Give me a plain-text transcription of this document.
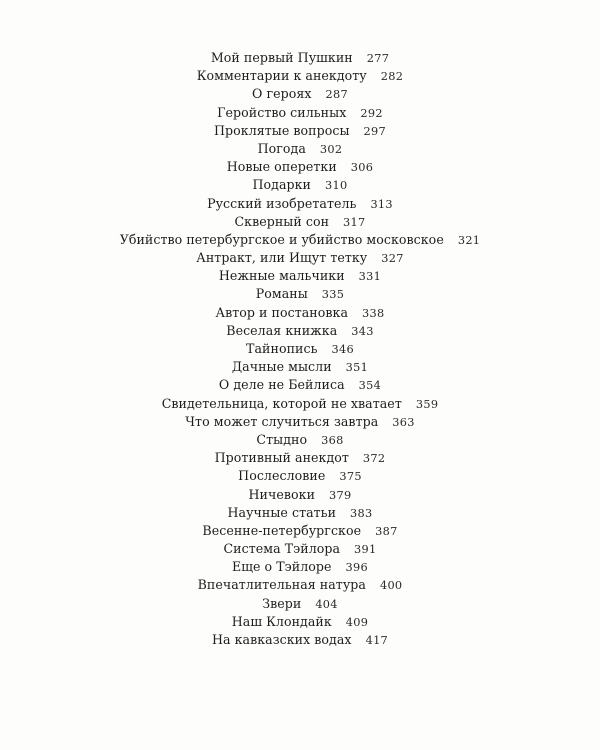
Мой первый Пушкин 277
Комментарии к анекдоту 282
О героях 287
Геройство сильных 292
Проклятые вопросы 297
Погода 302
Новые оперетки 306
Подарки 310
Русский изобретатель 313
Скверный сон 317
Убийство петербургское и убийство московское 321
Антракт, или Ищут тетку 327
Нежные мальчики 331
Романы 335
Автор и постановка 338
Веселая книжка 343
Тайнопись 346
Дачные мысли 351
О деле не Бейлиса 354
Свидетельница, которой не хватает 359
Что может случиться завтра 363
Стыдно 368
Противный анекдот 372
Послесловие 375
Ничевоки 379
Научные статьи 383
Весенне-петербургское 387
Система Тэйлора 391
Еще о Тэйлоре 396
Впечатлительная натура 400
Звери 404
Наш Клондайк 409
На кавказских водах 417
